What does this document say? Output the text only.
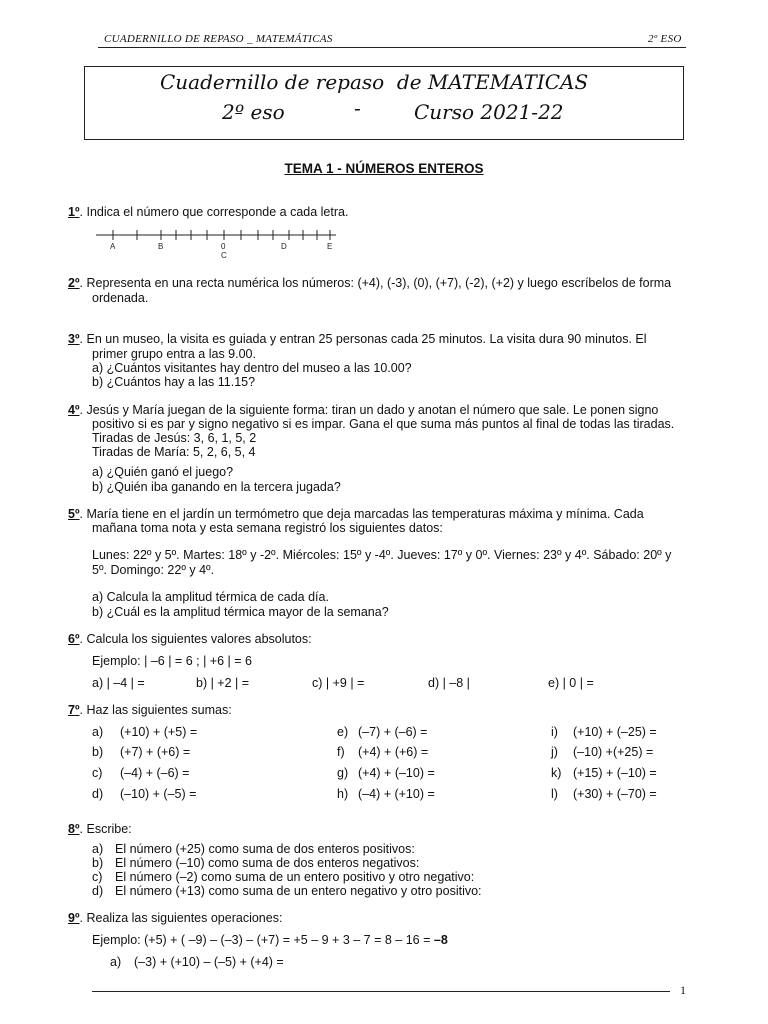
CUADERNILLO DE REPASO _ MATEMÁTICAS	2º ESO
Cuadernillo de repaso  de MATEMATICAS
2º eso	-	Curso 2021-22
TEMA 1 - NÚMEROS ENTEROS
1º. Indica el número que corresponde a cada letra.
A	B	0
C
D	E
2º. Representa en una recta numérica los números: (+4), (-3), (0), (+7), (-2), (+2) y luego escríbelos de forma
ordenada.
3º. En un museo, la visita es guiada y entran 25 personas cada 25 minutos. La visita dura 90 minutos. El
primer grupo entra a las 9.00.
a) ¿Cuántos visitantes hay dentro del museo a las 10.00?
b) ¿Cuántos hay a las 11.15?
4º. Jesús y María juegan de la siguiente forma: tiran un dado y anotan el número que sale. Le ponen signo
positivo si es par y signo negativo si es impar. Gana el que suma más puntos al final de todas las tiradas.
Tiradas de Jesús: 3, 6, 1, 5, 2
Tiradas de María: 5, 2, 6, 5, 4
a) ¿Quién ganó el juego?
b) ¿Quién iba ganando en la tercera jugada?
5º. María tiene en el jardín un termómetro que deja marcadas las temperaturas máxima y mínima. Cada
mañana toma nota y esta semana registró los siguientes datos:
Lunes: 22º y 5º. Martes: 18º y -2º. Miércoles: 15º y -4º. Jueves: 17º y 0º. Viernes: 23º y 4º. Sábado: 20º y
5º. Domingo: 22º y 4º.
a) Calcula la amplitud térmica de cada día.
b) ¿Cuál es la amplitud térmica mayor de la semana?
6º. Calcula los siguientes valores absolutos:
Ejemplo: | –6 | = 6 ; | +6 | = 6
a) | –4 | =	b) | +2 | =	c) | +9 | =	d) | –8 |	e) | 0 | =
7º. Haz las siguientes sumas:
a) (+10) + (+5) =
b) (+7) + (+6) =
c) (–4) + (–6) =
d) (–10) + (–5) =
e) (–7) + (–6) =
f) (+4) + (+6) =
g) (+4) + (–10) =
h) (–4) + (+10) =
i) (+10) + (–25) =
j) (–10) +(+25) =
k) (+15) + (–10) =
l) (+30) + (–70) =
8º. Escribe:
a) El número (+25) como suma de dos enteros positivos:
b) El número (–10) como suma de dos enteros negativos:
c) El número (–2) como suma de un entero positivo y otro negativo:
d) El número (+13) como suma de un entero negativo y otro positivo:
9º. Realiza las siguientes operaciones:
Ejemplo: (+5) + ( –9) – (–3) – (+7) = +5 – 9 + 3 – 7 = 8 – 16 = –8
a) (–3) + (+10) – (–5) + (+4) =
1
